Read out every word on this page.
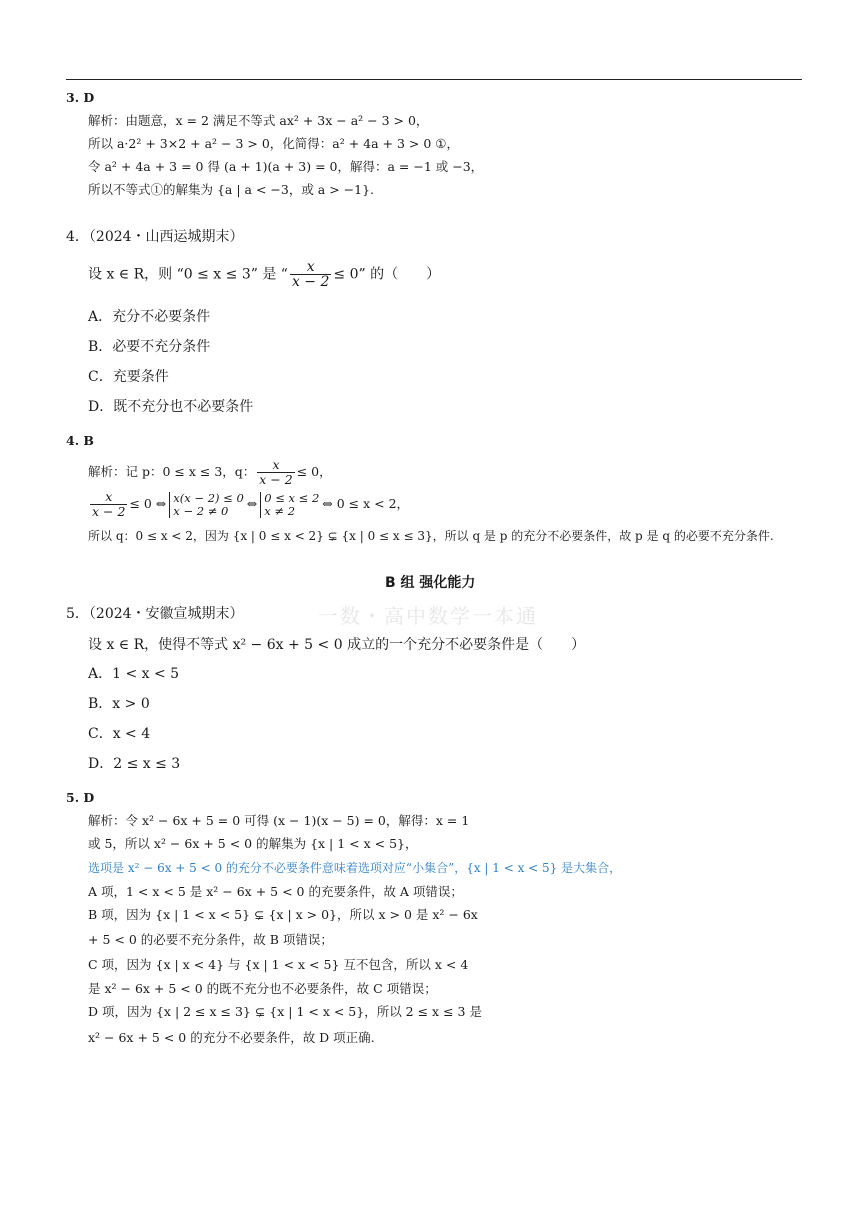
3. D
解析：由题意，x = 2 满足不等式 ax² + 3x − a² − 3 > 0，
所以 a·2² + 3×2 + a² − 3 > 0，化简得：a² + 4a + 3 > 0 ①，
令 a² + 4a + 3 = 0 得 (a + 1)(a + 3) = 0，解得：a = −1 或 −3，
所以不等式①的解集为 {a | a < −3，或 a > −1}.
4．（2024・山西运城期末）
设 x ∈ R，则 “0 ≤ x ≤ 3” 是 “ $\frac{x}{x - 2} \le 0$” 的（　　）
A．充分不必要条件
B．必要不充分条件
C．充要条件
D．既不充分也不必要条件
4. B
解析：记 p：0 ≤ x ≤ 3，q： $\frac{x}{x - 2} \le 0$，
$\frac{x}{x - 2} \le 0$ ⇔ x(x − 2) ≤ 0
x − 2 ≠ 0	⇔ 0 ≤ x ≤ 2
x ≠ 2	⇔ 0 ≤ x < 2，
所以 q：0 ≤ x < 2，因为 {x | 0 ≤ x < 2} ⊊ {x | 0 ≤ x ≤ 3}，所以 q 是 p 的充分不必要条件，故 p 是 q 的必要不充分条件.
B 组 强化能力
一数・高中数学一本通
5．（2024・安徽宣城期末）
设 x ∈ R，使得不等式 x² − 6x + 5 < 0 成立的一个充分不必要条件是（　　）
A．1 < x < 5
B．x > 0
C．x < 4
D．2 ≤ x ≤ 3
5. D
解析：令 x² − 6x + 5 = 0 可得 (x − 1)(x − 5) = 0，解得：x = 1
或 5，所以 x² − 6x + 5 < 0 的解集为 {x | 1 < x < 5}，
选项是 x² − 6x + 5 < 0 的充分不必要条件意味着选项对应“小集合”，{x | 1 < x < 5} 是大集合，
A 项，1 < x < 5 是 x² − 6x + 5 < 0 的充要条件，故 A 项错误；
B 项，因为 {x | 1 < x < 5} ⊊ {x | x > 0}，所以 x > 0 是 x² − 6x
+ 5 < 0 的必要不充分条件，故 B 项错误；
C 项，因为 {x | x < 4} 与 {x | 1 < x < 5} 互不包含，所以 x < 4
是 x² − 6x + 5 < 0 的既不充分也不必要条件，故 C 项错误；
D 项，因为 {x | 2 ≤ x ≤ 3} ⊊ {x | 1 < x < 5}，所以 2 ≤ x ≤ 3 是
x² − 6x + 5 < 0 的充分不必要条件，故 D 项正确.
